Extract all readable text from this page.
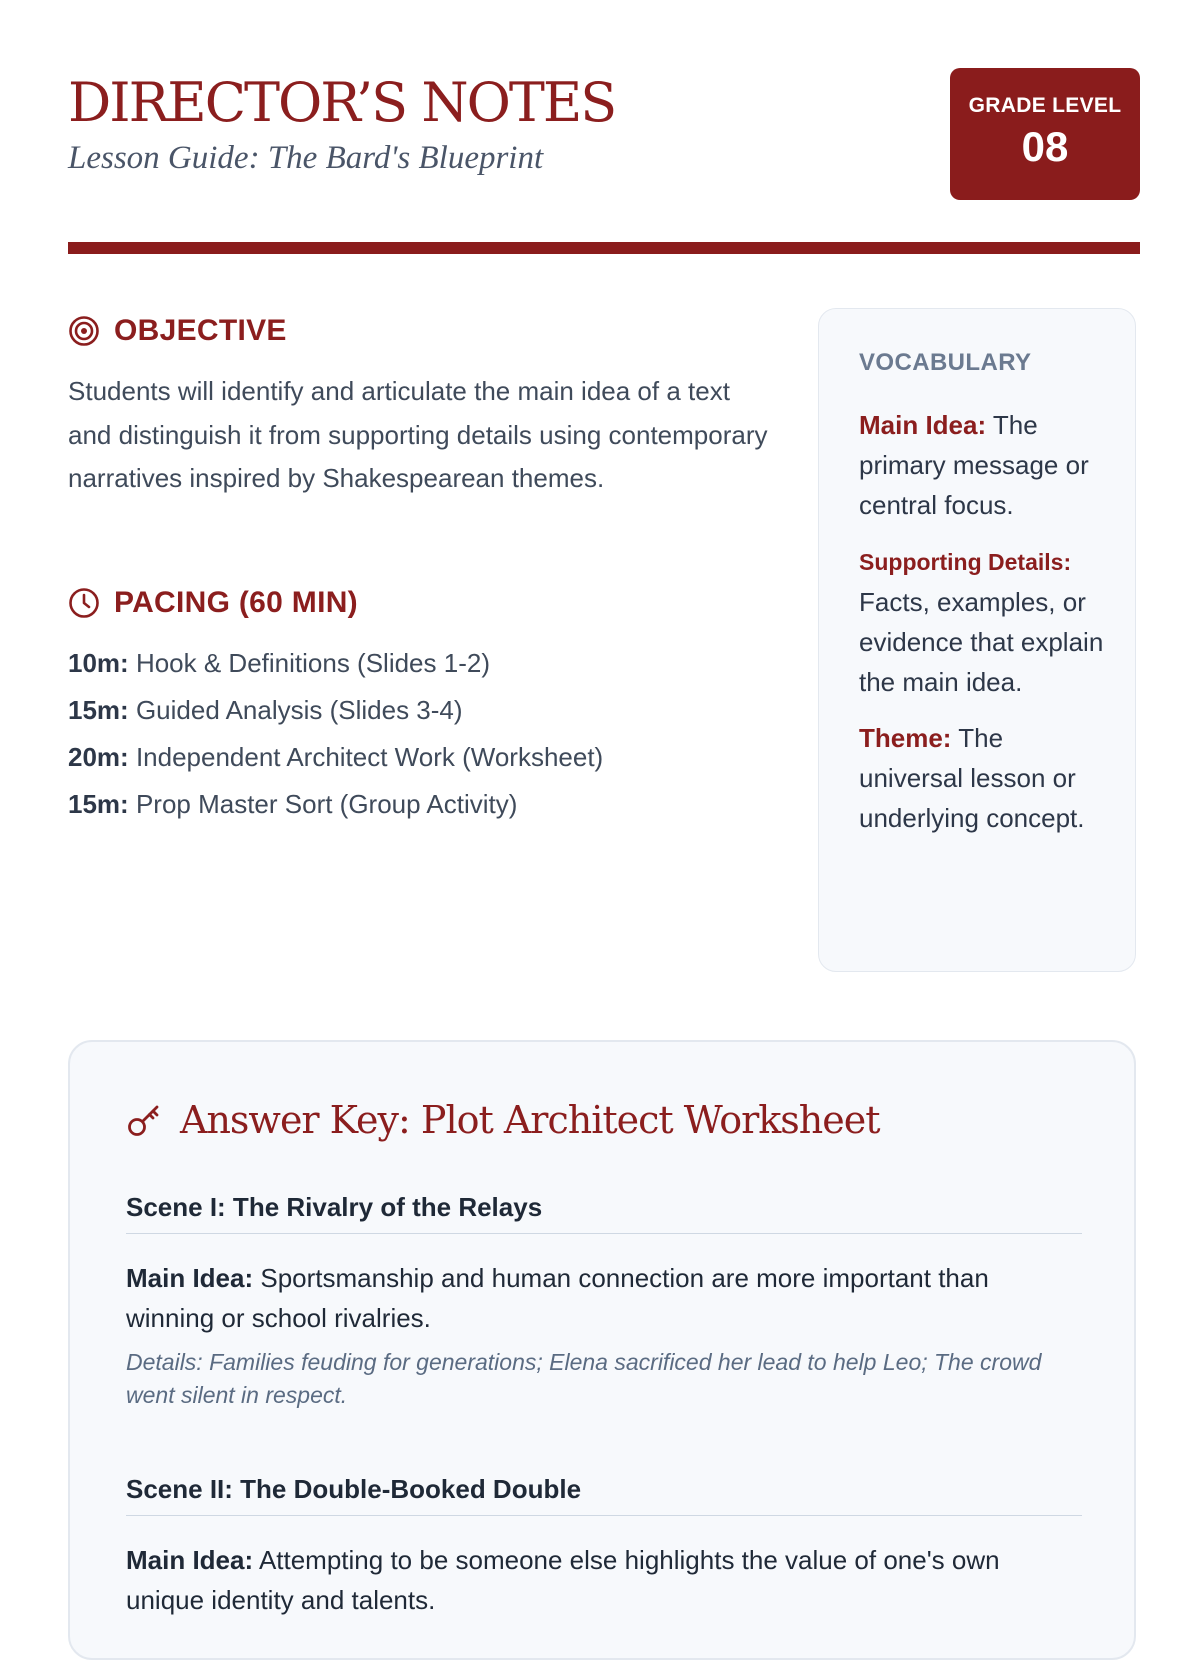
DIRECTOR’S NOTES
Lesson Guide: The Bard's Blueprint
GRADE LEVEL
08
OBJECTIVE
Students will identify and articulate the main idea of a text and distinguish it from supporting details using contemporary narratives inspired by Shakespearean themes.
PACING (60 MIN)
10m: Hook & Definitions (Slides 1-2)
15m: Guided Analysis (Slides 3-4)
20m: Independent Architect Work (Worksheet)
15m: Prop Master Sort (Group Activity)
VOCABULARY
Main Idea: The primary message or central focus.
Supporting Details:
Facts, examples, or evidence that explain the main idea.
Theme: The universal lesson or underlying concept.
Answer Key: Plot Architect Worksheet
Scene I: The Rivalry of the Relays
Main Idea: Sportsmanship and human connection are more important than winning or school rivalries.
Details: Families feuding for generations; Elena sacrificed her lead to help Leo; The crowd went silent in respect.
Scene II: The Double-Booked Double
Main Idea: Attempting to be someone else highlights the value of one's own unique identity and talents.
